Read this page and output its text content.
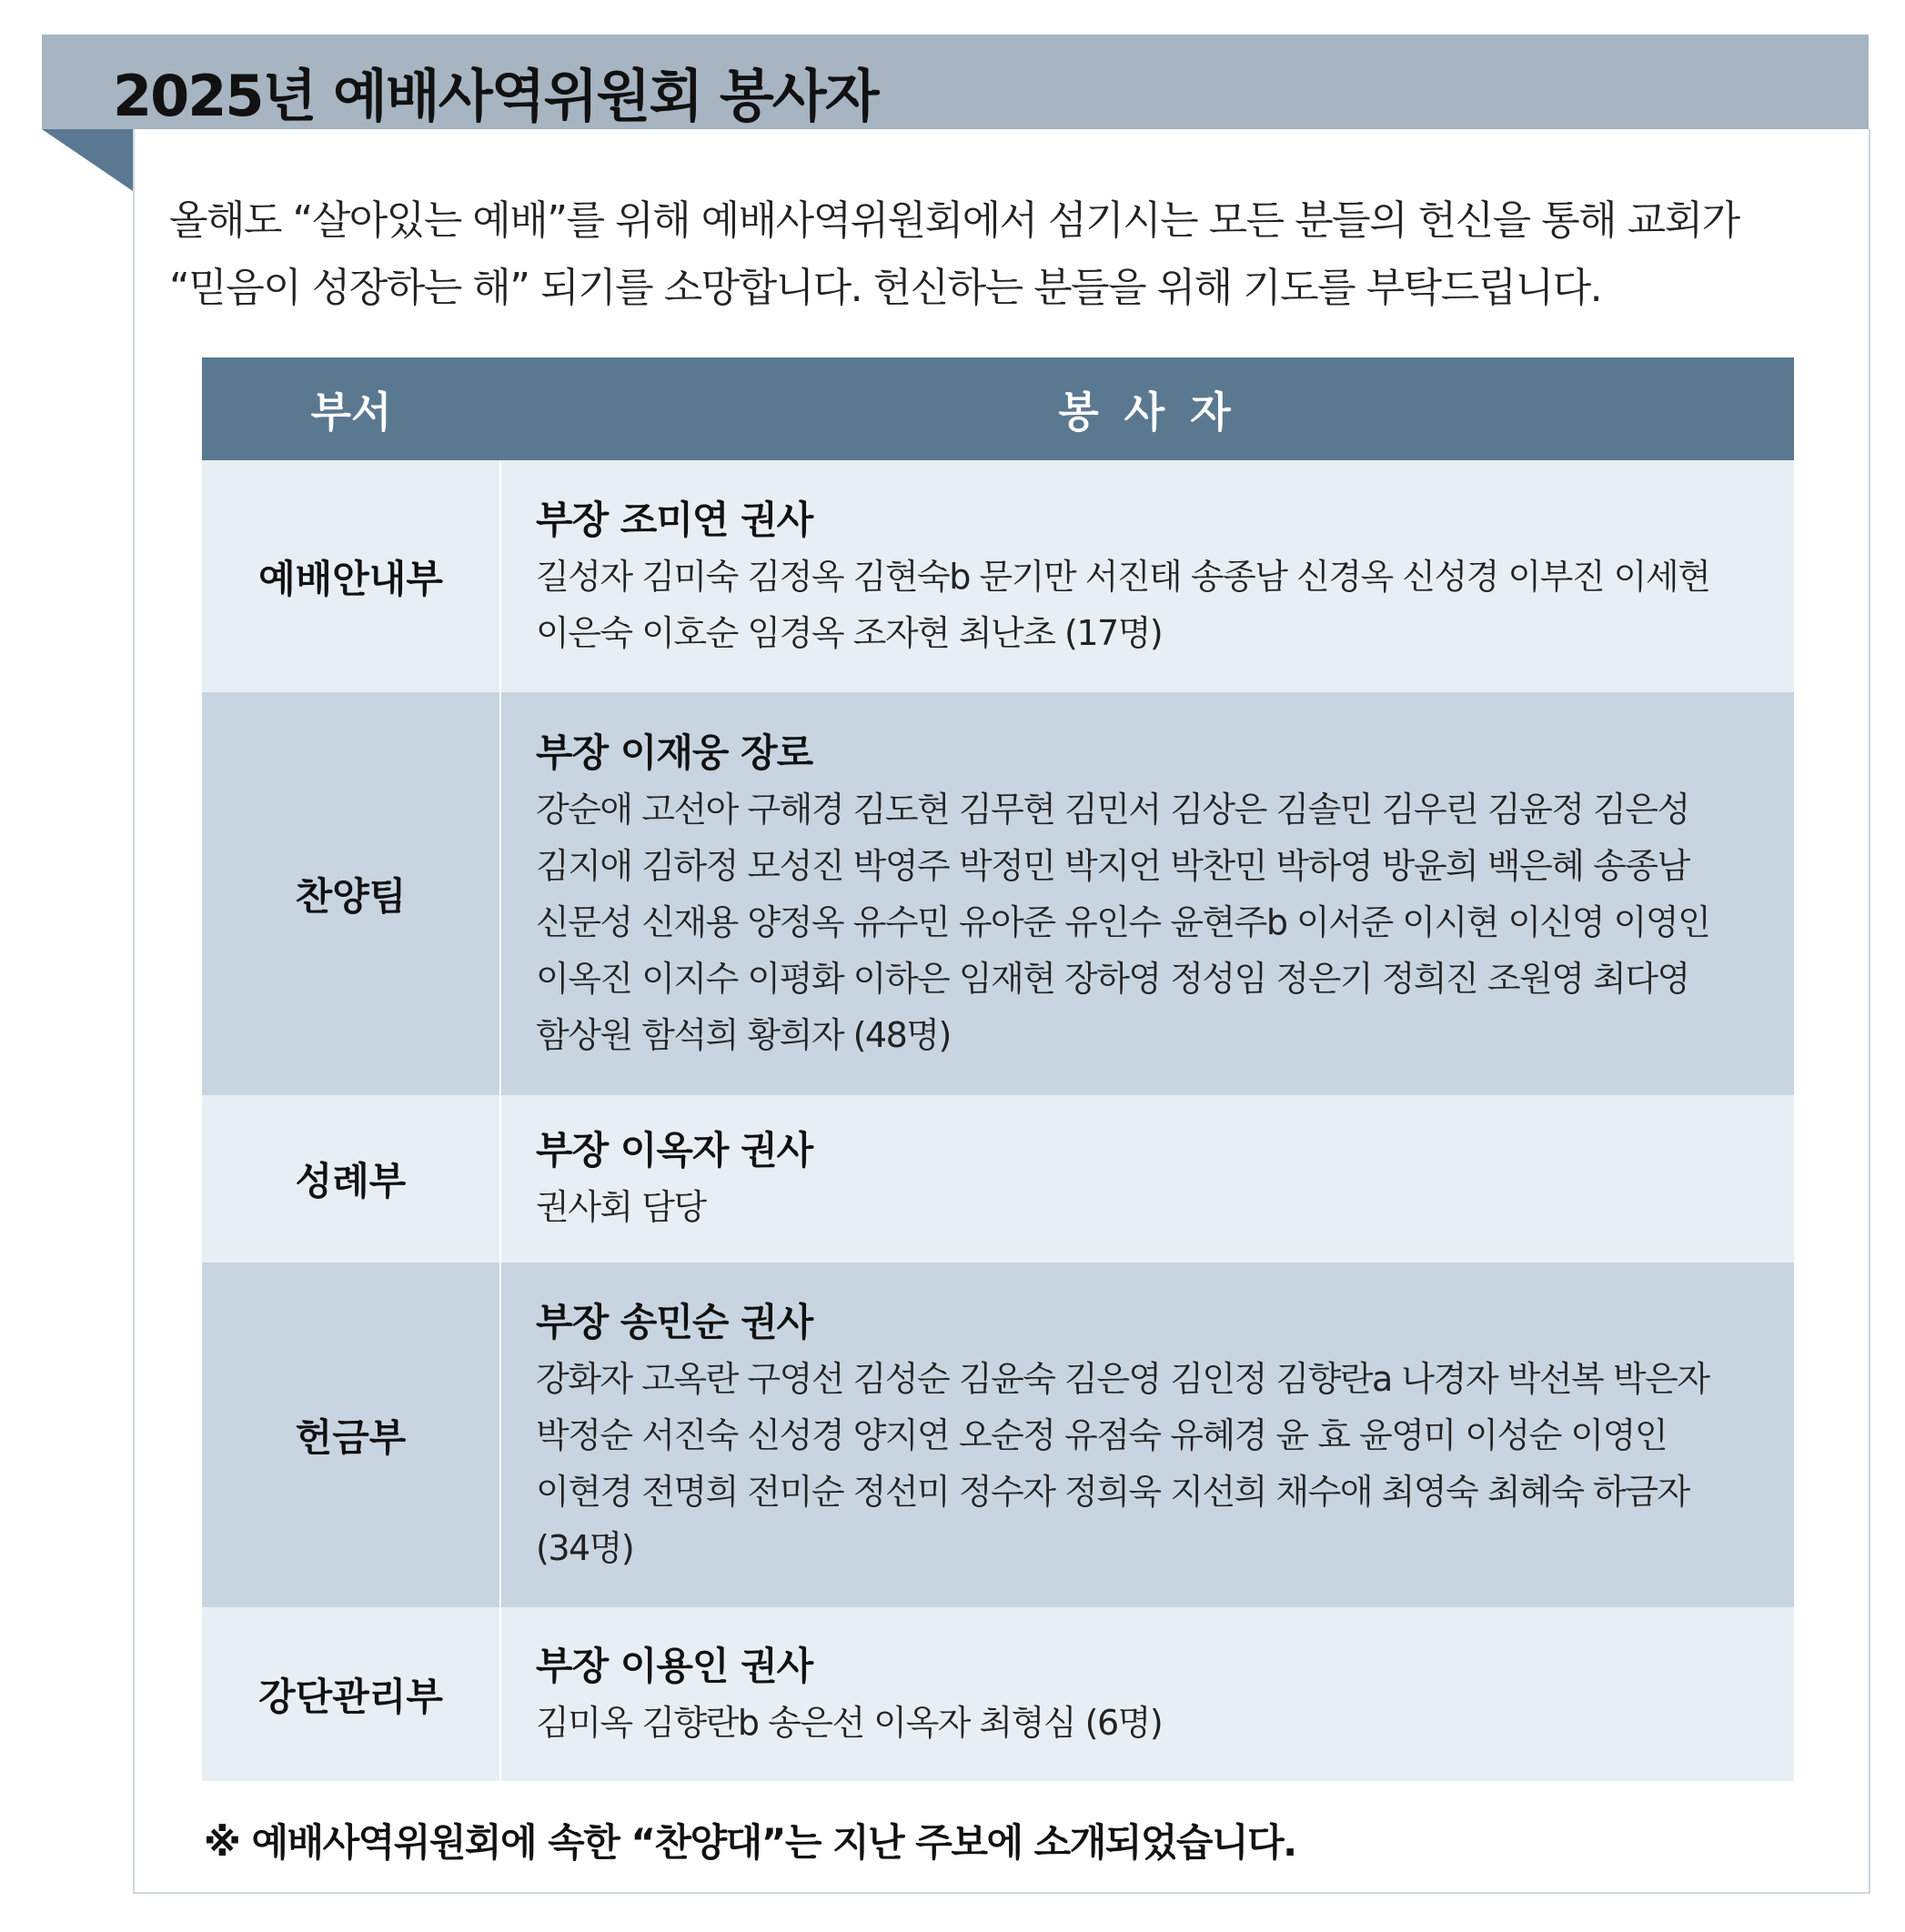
2025년 예배사역위원회 봉사자

올해도 “살아있는 예배”를 위해 예배사역위원회에서 섬기시는 모든 분들의 헌신을 통해 교회가

“믿음이 성장하는 해” 되기를 소망합니다. 헌신하는 분들을 위해 기도를 부탁드립니다.

부서	봉 사 자
예배안내부	부장 조미연 권사
길성자 김미숙 김정옥 김현숙b 문기만 서진태 송종남 신경옥 신성경 이부진 이세현 이은숙 이호순 임경옥 조자현 최난초 (17명)

찬양팀	부장 이재웅 장로
강순애 고선아 구해경 김도현 김무현 김민서 김상은 김솔민 김우린 김윤정 김은성 김지애 김하정 모성진 박영주 박정민 박지언 박찬민 박하영 방윤희 백은혜 송종남 신문성 신재용 양정옥 유수민 유아준 유인수 윤현주b 이서준 이시현 이신영 이영인 이옥진 이지수 이평화 이하은 임재현 장하영 정성임 정은기 정희진 조원영 최다영 함상원 함석희 황희자 (48명)

성례부	부장 이옥자 권사
권사회 담당

헌금부	부장 송민순 권사
강화자 고옥란 구영선 김성순 김윤숙 김은영 김인정 김향란a 나경자 박선복 박은자 박정순 서진숙 신성경 양지연 오순정 유점숙 유혜경 윤 효 윤영미 이성순 이영인 이현경 전명희 전미순 정선미 정수자 정희욱 지선희 채수애 최영숙 최혜숙 하금자 (34명)

강단관리부	부장 이용인 권사
김미옥 김향란b 송은선 이옥자 최형심 (6명)
※ 예배사역위원회에 속한 “찬양대”는 지난 주보에 소개되었습니다.
